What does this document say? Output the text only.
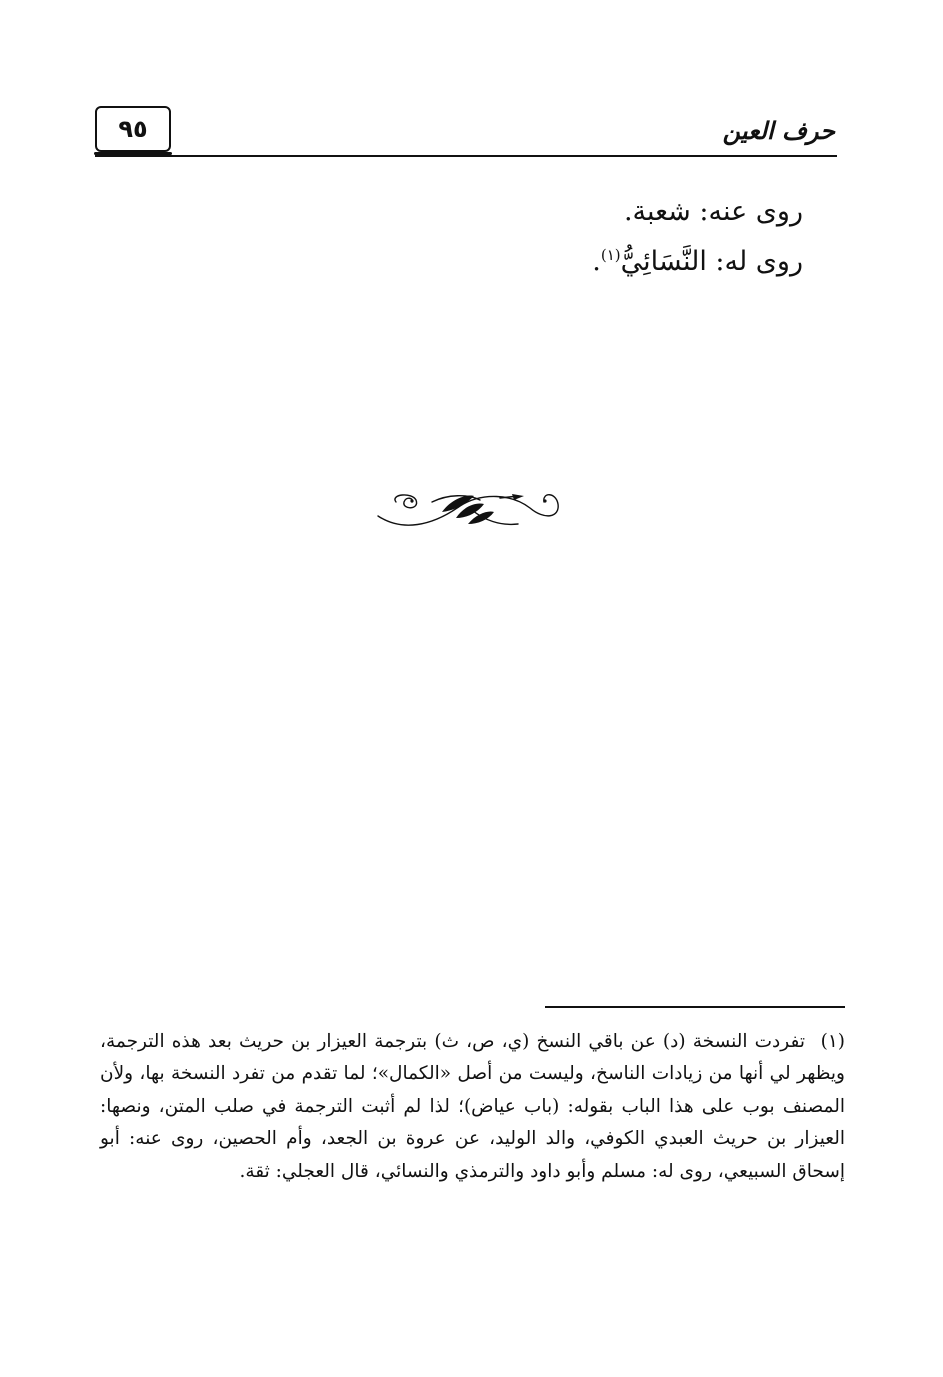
٩٥	حرف العين
روى عنه: شعبة.
روى له: النَّسَائِيُّ$^{(١)}$.
(١)تفردت النسخة (د) عن باقي النسخ (ي، ص، ث) بترجمة العيزار بن حريث بعد هذه الترجمة، ويظهر لي أنها من زيادات الناسخ، وليست من أصل «الكمال»؛ لما تقدم من تفرد النسخة بها، ولأن المصنف بوب على هذا الباب بقوله: (باب عياض)؛ لذا لم أثبت الترجمة في صلب المتن، ونصها: العيزار بن حريث العبدي الكوفي، والد الوليد، عن عروة بن الجعد، وأم الحصين، روى عنه: أبو إسحاق السبيعي، روى له: مسلم وأبو داود والترمذي والنسائي، قال العجلي: ثقة.
